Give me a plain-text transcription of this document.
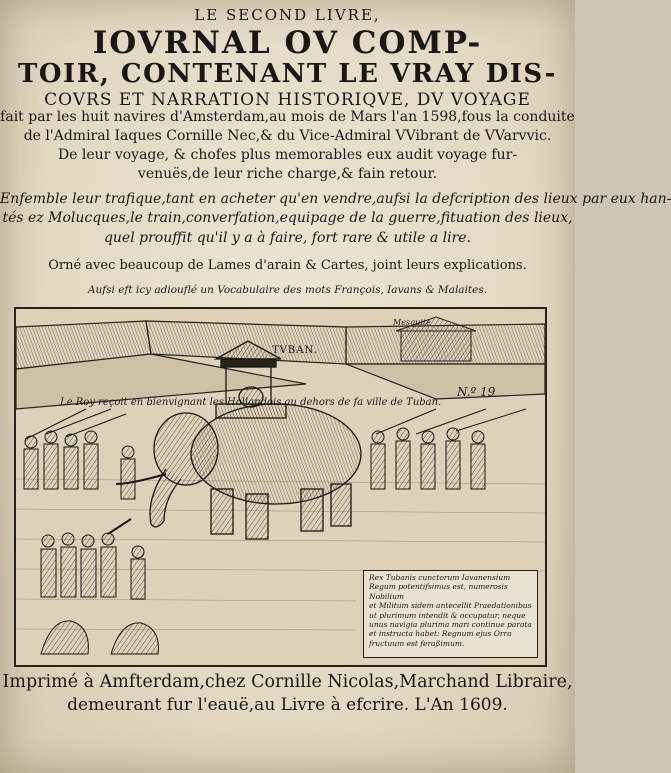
LE SECOND LIVRE,
IOVRNAL OV COMP-
TOIR, CONTENANT LE VRAY DIS-
COVRS ET NARRATION HISTORIQVE, DV VOYAGE
fait par les huit navires d'Amsterdam,au mois de Mars l'an 1598,fous la conduite
de l'Admiral Iaques Cornille Nec,& du Vice-Admiral VVibrant de VVarvvic.
De leur voyage, & chofes plus memorables eux audit voyage fur-
venuës,de leur riche charge,& fain retour.
Enfemble leur trafique,tant en acheter qu'en vendre,aufsi la defcription des lieux par eux han-
tés ez Molucques,le train,converfation,equipage de la guerre,fituation des lieux,
quel prouffit qu'il y a à faire, fort rare & utile a lire.
Orné avec beaucoup de Lames d'arain & Cartes, joint leurs explications.
Aufsi eft icy adiouflé un Vocabulaire des mots François, Iavans & Malaites.
Mesquite
TVBAN.
Le Roy reçoit en bienvignant les Hollandois au dehors de fa ville de Tuban.
N.º 19
Rex Tubanis cunctorum Iavanensium
Regum potentifsimus est, numerosis Nobilium
et Militum sidem antecellit Praedationibus
ut plurimum intendit & occupatur, neque
unus navigia plurima mari continue parata
et instructa habet: Regnum ejus Orra
fructuum est feraßimum.
Imprimé à Amfterdam,chez Cornille Nicolas,Marchand Libraire,
demeurant fur l'eauë,au Livre à efcrire. L'An 1609.
